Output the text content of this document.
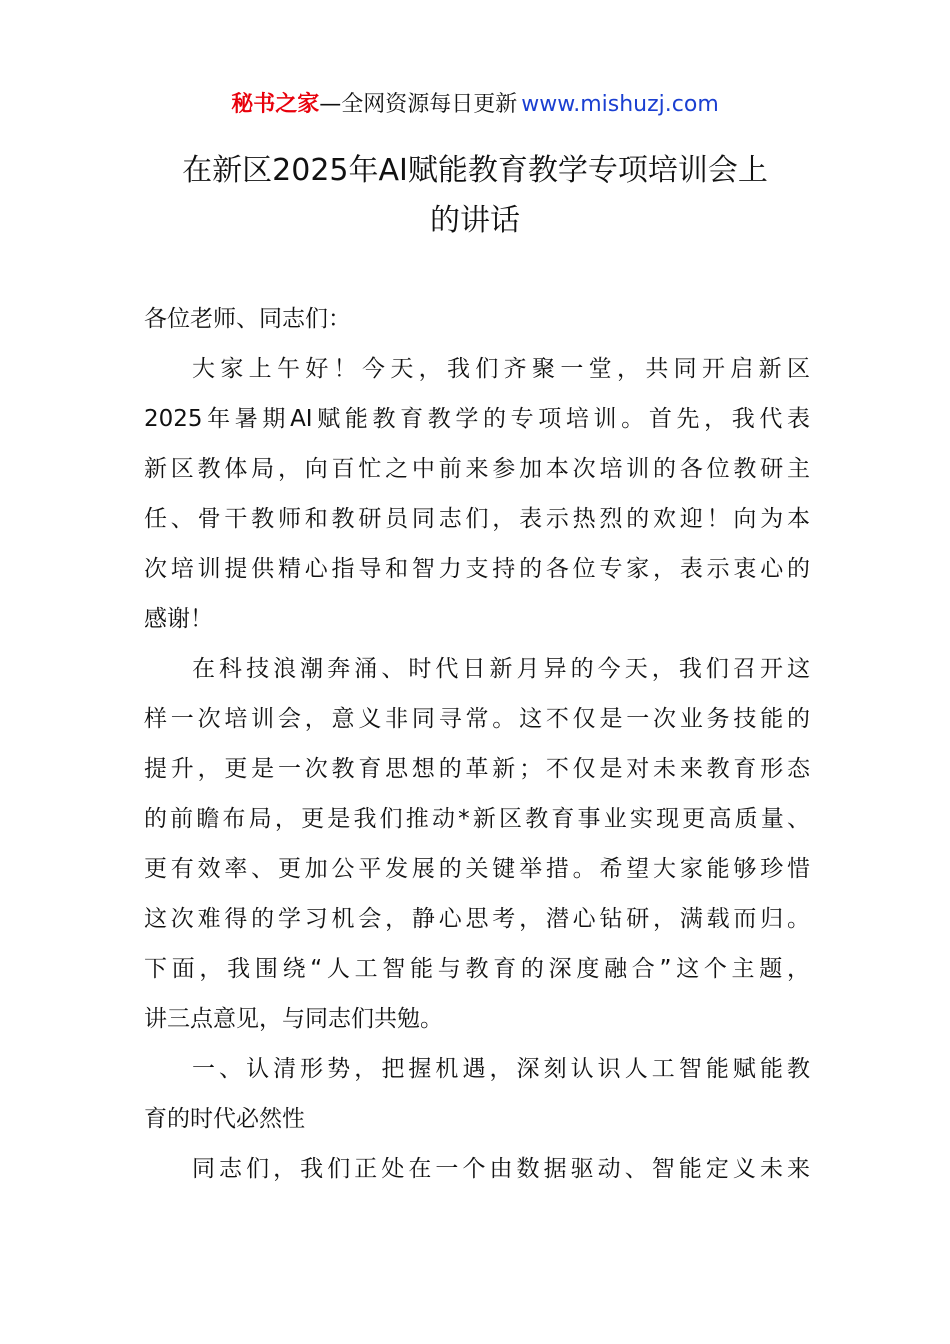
秘书之家—全网资源每日更新 www.mishuzj.com
在新区2025年AI赋能教育教学专项培训会上
的讲话
各位老师、同志们：
大家上午好！今天，我们齐聚一堂，共同开启新区
2025年暑期AI赋能教育教学的专项培训。首先，我代表
新区教体局，向百忙之中前来参加本次培训的各位教研主
任、骨干教师和教研员同志们，表示热烈的欢迎！向为本
次培训提供精心指导和智力支持的各位专家，表示衷心的
感谢！
在科技浪潮奔涌、时代日新月异的今天，我们召开这
样一次培训会，意义非同寻常。这不仅是一次业务技能的
提升，更是一次教育思想的革新；不仅是对未来教育形态
的前瞻布局，更是我们推动*新区教育事业实现更高质量、
更有效率、更加公平发展的关键举措。希望大家能够珍惜
这次难得的学习机会，静心思考，潜心钻研，满载而归。
下面，我围绕“人工智能与教育的深度融合”这个主题，
讲三点意见，与同志们共勉。
一、认清形势，把握机遇，深刻认识人工智能赋能教
育的时代必然性
同志们，我们正处在一个由数据驱动、智能定义未来
